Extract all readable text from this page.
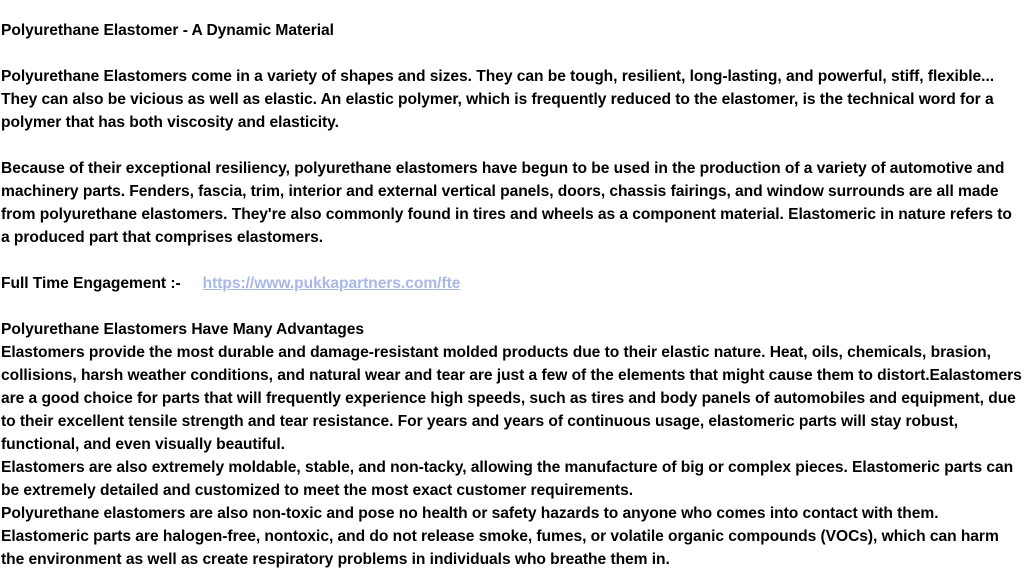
Polyurethane Elastomer - A Dynamic Material

Polyurethane Elastomers come in a variety of shapes and sizes. They can be tough, resilient, long-lasting, and powerful, stiff, flexible... They can also be vicious as well as elastic. An elastic polymer, which is frequently reduced to the elastomer, is the technical word for a polymer that has both viscosity and elasticity.

Because of their exceptional resiliency, polyurethane elastomers have begun to be used in the production of a variety of automotive and machinery parts. Fenders, fascia, trim, interior and external vertical panels, doors, chassis fairings, and window surrounds are all made from polyurethane elastomers. They're also commonly found in tires and wheels as a component material. Elastomeric in nature refers to a produced part that comprises elastomers.

Full Time Engagement :- https://www.pukkapartners.com/fte

Polyurethane Elastomers Have Many Advantages

Elastomers provide the most durable and damage-resistant molded products due to their elastic nature. Heat, oils, chemicals, brasion, collisions, harsh weather conditions, and natural wear and tear are just a few of the elements that might cause them to distort.Ealastomers are a good choice for parts that will frequently experience high speeds, such as tires and body panels of automobiles and equipment, due to their excellent tensile strength and tear resistance. For years and years of continuous usage, elastomeric parts will stay robust, functional, and even visually beautiful.

Elastomers are also extremely moldable, stable, and non-tacky, allowing the manufacture of big or complex pieces. Elastomeric parts can be extremely detailed and customized to meet the most exact customer requirements.

Polyurethane elastomers are also non-toxic and pose no health or safety hazards to anyone who comes into contact with them. Elastomeric parts are halogen-free, nontoxic, and do not release smoke, fumes, or volatile organic compounds (VOCs), which can harm the environment as well as create respiratory problems in individuals who breathe them in.
